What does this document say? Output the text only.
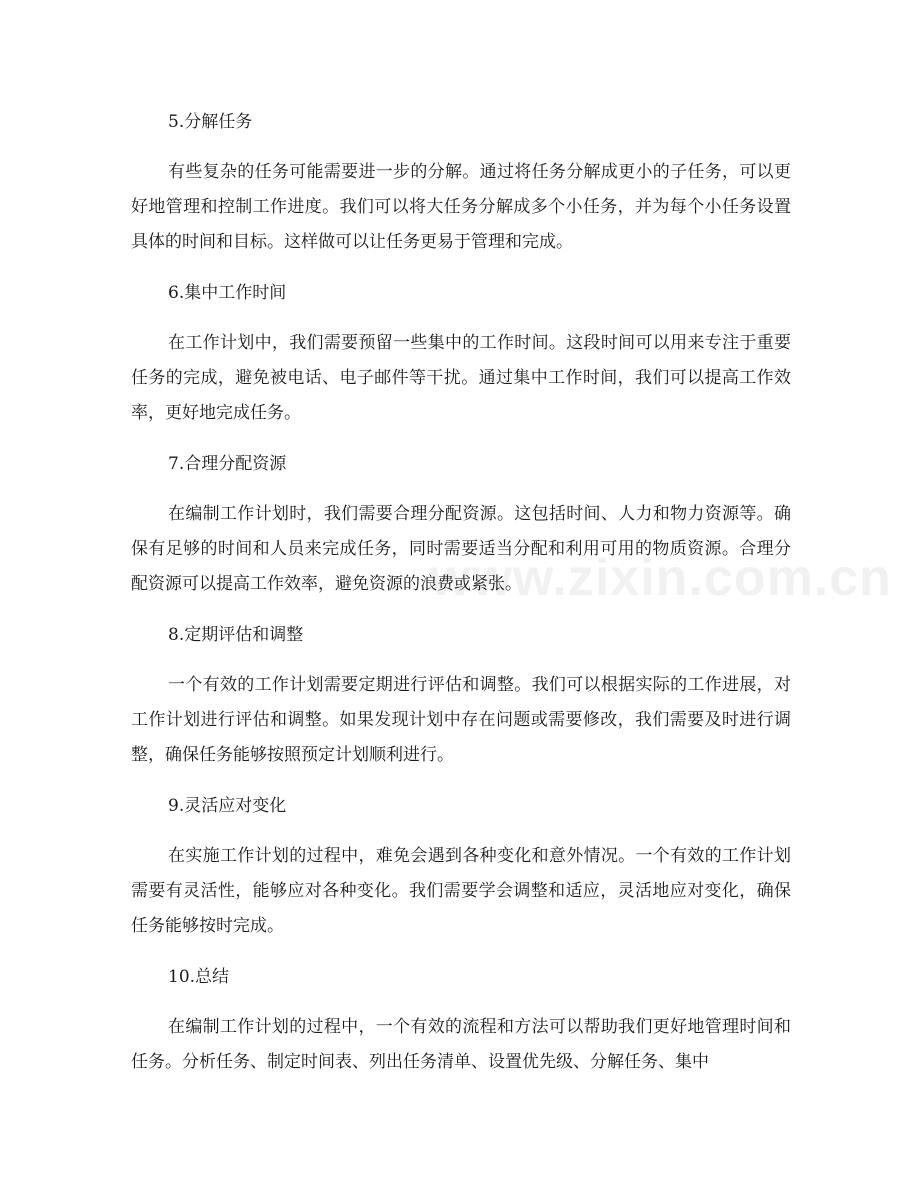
5.分解任务

有些复杂的任务可能需要进一步的分解。通过将任务分解成更小的子任务，可以更好地管理和控制工作进度。我们可以将大任务分解成多个小任务，并为每个小任务设置具体的时间和目标。这样做可以让任务更易于管理和完成。

6.集中工作时间

在工作计划中，我们需要预留一些集中的工作时间。这段时间可以用来专注于重要任务的完成，避免被电话、电子邮件等干扰。通过集中工作时间，我们可以提高工作效率，更好地完成任务。

7.合理分配资源

在编制工作计划时，我们需要合理分配资源。这包括时间、人力和物力资源等。确保有足够的时间和人员来完成任务，同时需要适当分配和利用可用的物质资源。合理分配资源可以提高工作效率，避免资源的浪费或紧张。

8.定期评估和调整

一个有效的工作计划需要定期进行评估和调整。我们可以根据实际的工作进展，对工作计划进行评估和调整。如果发现计划中存在问题或需要修改，我们需要及时进行调整，确保任务能够按照预定计划顺利进行。

9.灵活应对变化

在实施工作计划的过程中，难免会遇到各种变化和意外情况。一个有效的工作计划需要有灵活性，能够应对各种变化。我们需要学会调整和适应，灵活地应对变化，确保任务能够按时完成。

10.总结

在编制工作计划的过程中，一个有效的流程和方法可以帮助我们更好地管理时间和任务。分析任务、制定时间表、列出任务清单、设置优先级、分解任务、集中

www.zixin.com.cn
